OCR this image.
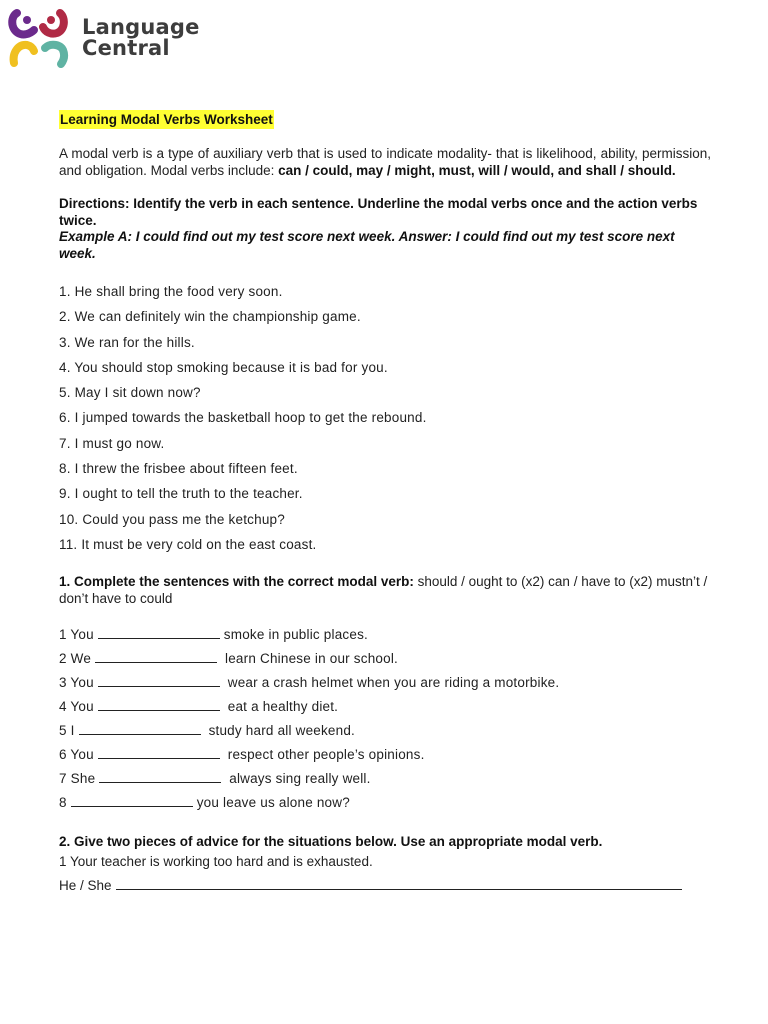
Language
Central
Learning Modal Verbs Worksheet
A modal verb is a type of auxiliary verb that is used to indicate modality- that is likelihood, ability, permission, and obligation. Modal verbs include: can / could, may / might, must, will / would, and shall / should.
Directions: Identify the verb in each sentence. Underline the modal verbs once and the action verbs twice.
Example A: I could find out my test score next week. Answer: I could find out my test score next week.
1. He shall bring the food very soon.
2. We can definitely win the championship game.
3. We ran for the hills.
4. You should stop smoking because it is bad for you.
5. May I sit down now?
6. I jumped towards the basketball hoop to get the rebound.
7. I must go now.
8. I threw the frisbee about fifteen feet.
9. I ought to tell the truth to the teacher.
10. Could you pass me the ketchup?
11. It must be very cold on the east coast.
1. Complete the sentences with the correct modal verb: should / ought to (x2) can / have to (x2) mustn’t / don’t have to could
1 You	smoke in public places.
2 We	learn Chinese in our school.
3 You	wear a crash helmet when you are riding a motorbike.
4 You	eat a healthy diet.
5 I	study hard all weekend.
6 You	respect other people’s opinions.
7 She	always sing really well.
8	you leave us alone now?
2. Give two pieces of advice for the situations below. Use an appropriate modal verb.
1 Your teacher is working too hard and is exhausted.
He / She
